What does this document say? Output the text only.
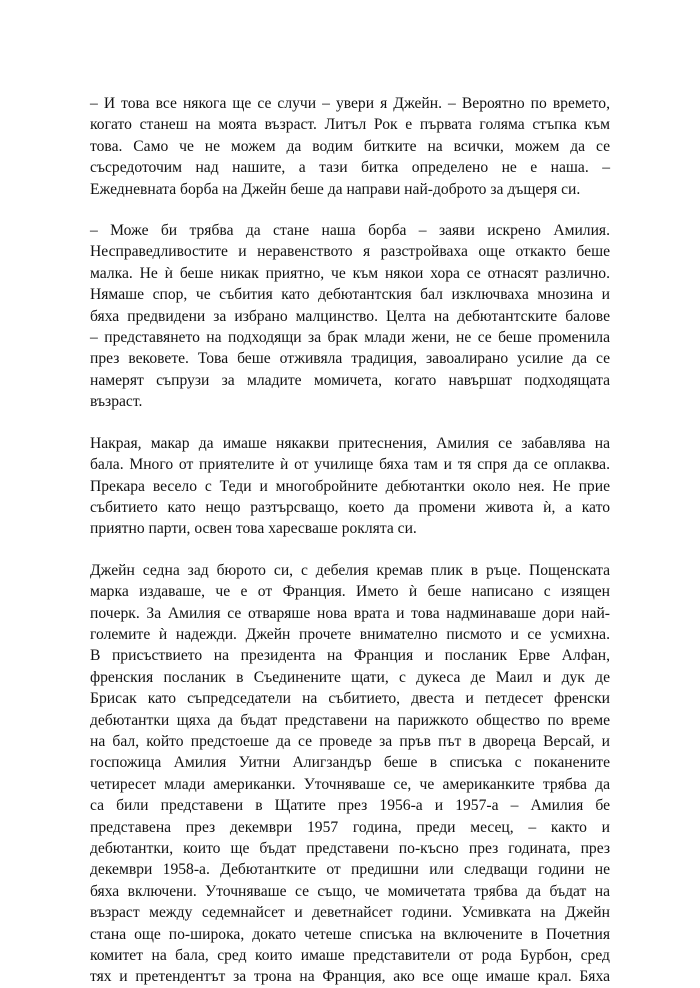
– И това все някога ще се случи – увери я Джейн. – Вероятно по времето,
когато станеш на моята възраст. Литъл Рок е първата голяма стъпка към
това. Само че не можем да водим битките на всички, можем да се
съсредоточим над нашите, а тази битка определено не е наша. –
Ежедневната борба на Джейн беше да направи най-доброто за дъщеря си.

– Може би трябва да стане наша борба – заяви искрено Амилия.
Несправедливостите и неравенството я разстройваха още откакто беше
малка. Не ѝ беше никак приятно, че към някои хора се отнасят различно.
Нямаше спор, че събития като дебютантския бал изключваха мнозина и
бяха предвидени за избрано малцинство. Целта на дебютантските балове
– представянето на подходящи за брак млади жени, не се беше променила
през вековете. Това беше отживяла традиция, завоалирано усилие да се
намерят съпрузи за младите момичета, когато навършат подходящата
възраст.

Накрая, макар да имаше някакви притеснения, Амилия се забавлява на
бала. Много от приятелите ѝ от училище бяха там и тя спря да се оплаква.
Прекара весело с Теди и многобройните дебютантки около нея. Не прие
събитието като нещо разтърсващо, което да промени живота ѝ, а като
приятно парти, освен това харесваше роклята си.

Джейн седна зад бюрото си, с дебелия кремав плик в ръце. Пощенската
марка издаваше, че е от Франция. Името ѝ беше написано с изящен
почерк. За Амилия се отваряше нова врата и това надминаваше дори най-
големите ѝ надежди. Джейн прочете внимателно писмото и се усмихна.
В присъствието на президента на Франция и посланик Ерве Алфан,
френския посланик в Съединените щати, с дукеса де Маил и дук де
Брисак като съпредседатели на събитието, двеста и петдесет френски
дебютантки щяха да бъдат представени на парижкото общество по време
на бал, който предстоеше да се проведе за пръв път в двореца Версай, и
госпожица Амилия Уитни Алигзандър беше в списъка с поканените
четиресет млади американки. Уточняваше се, че американките трябва да
са били представени в Щатите през 1956-а и 1957-а – Амилия бе
представена през декември 1957 година, преди месец, – както и
дебютантки, които ще бъдат представени по-късно през годината, през
декември 1958-а. Дебютантките от предишни или следващи години не
бяха включени. Уточняваше се също, че момичетата трябва да бъдат на
възраст между седемнайсет и деветнайсет години. Усмивката на Джейн
стана още по-широка, докато четеше списъка на включените в Почетния
комитет на бала, сред които имаше представители от рода Бурбон, сред
тях и претендентът за трона на Франция, ако все още имаше крал. Бяха
